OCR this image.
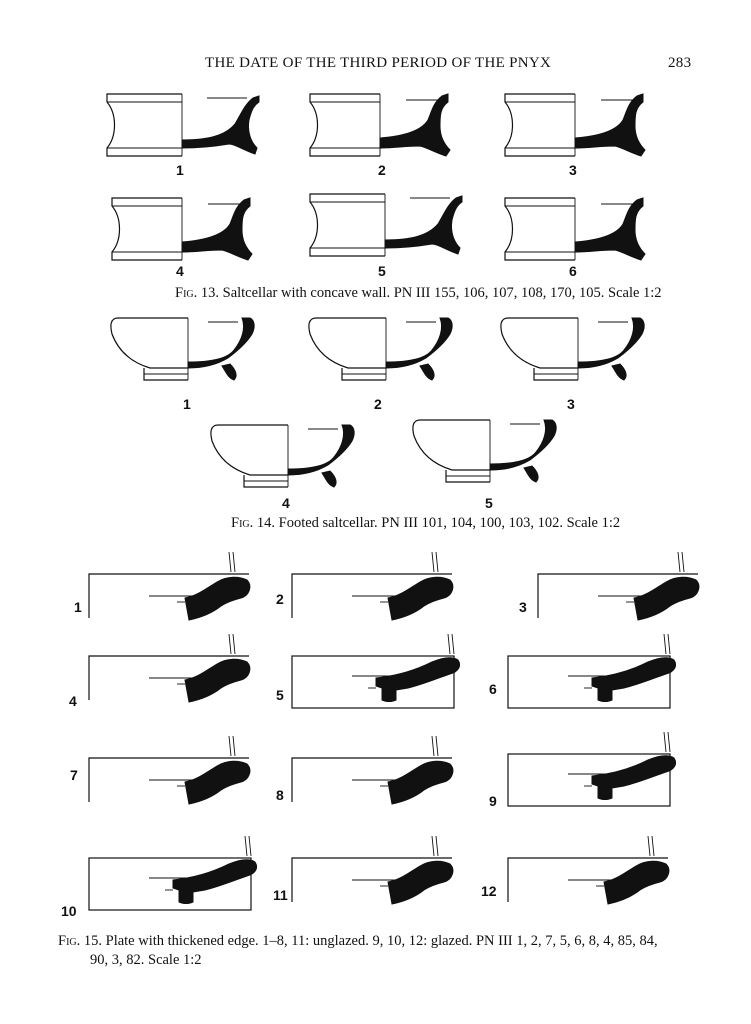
THE DATE OF THE THIRD PERIOD OF THE PNYX	283
1	2	3
4	5	6
Fig. 13. Saltcellar with concave wall. PN III 155, 106, 107, 108, 170, 105. Scale 1:2
1	2	3
4	5
Fig. 14. Footed saltcellar. PN III 101, 104, 100, 103, 102. Scale 1:2
1	2	3
4	5	6
7
8	9
10
11	12
Fig. 15. Plate with thickened edge. 1–8, 11: unglazed. 9, 10, 12: glazed. PN III 1, 2, 7, 5, 6, 8, 4, 85, 84,
90, 3, 82. Scale 1:2
